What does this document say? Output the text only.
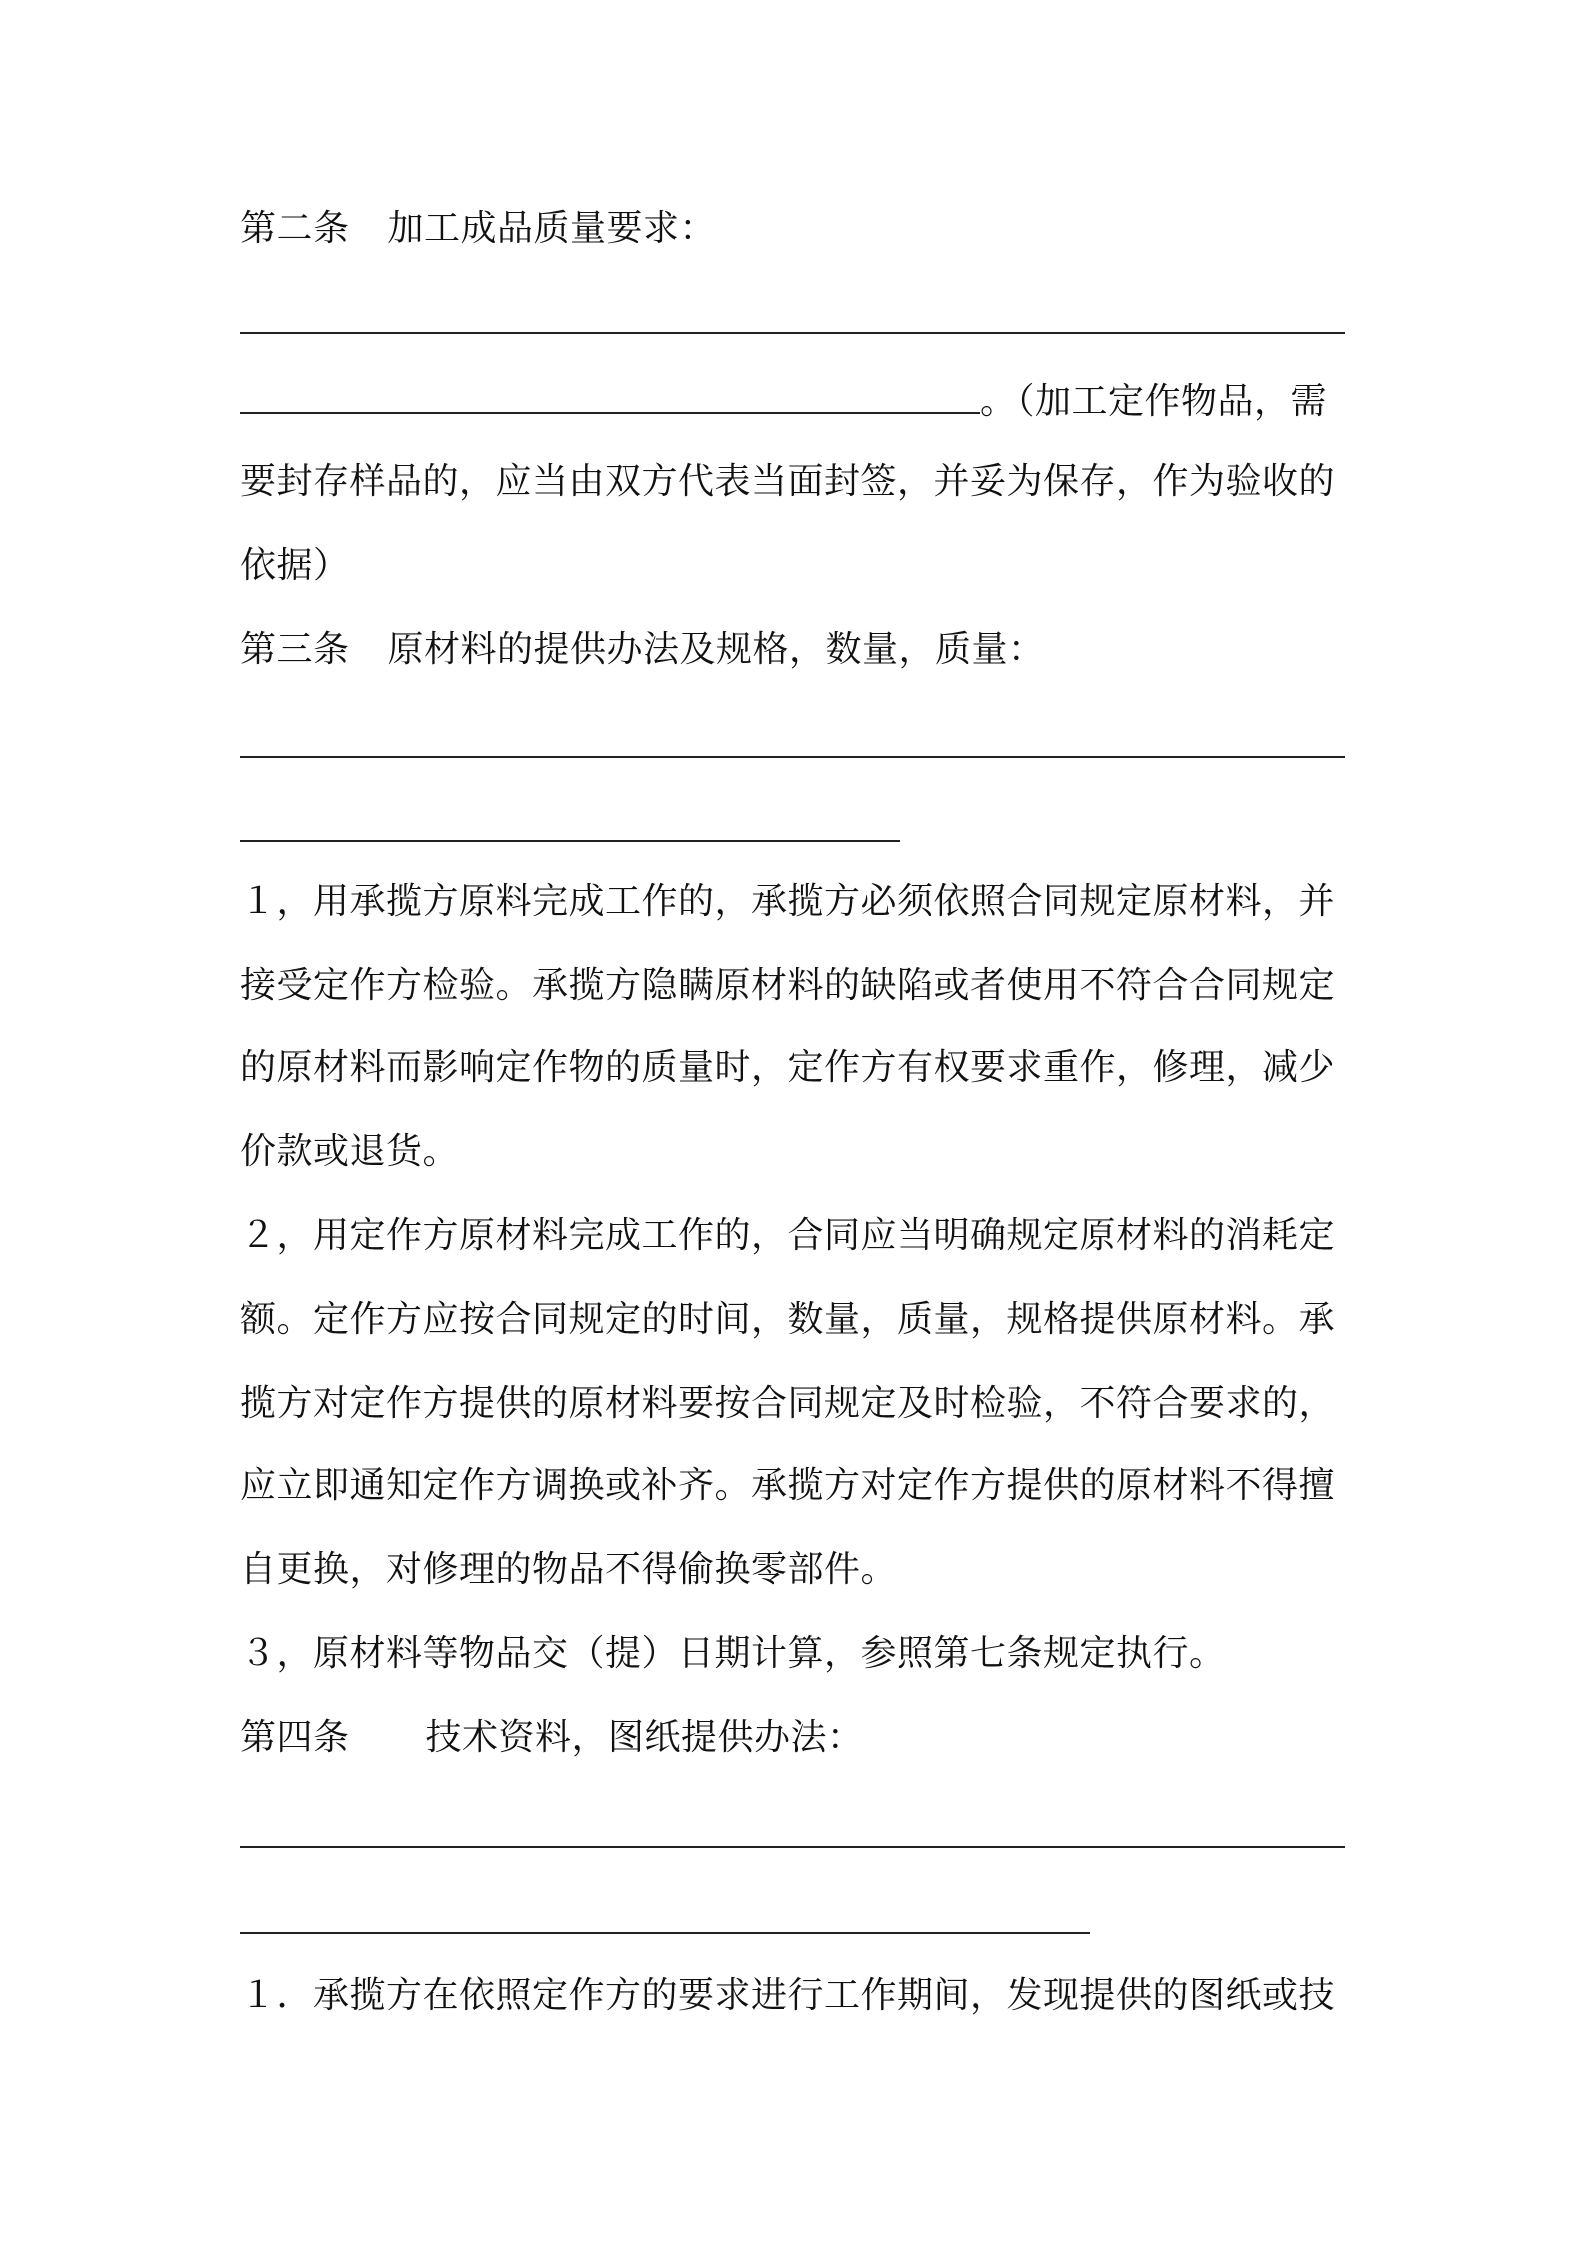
第二条 加工成品质量要求：
。（加工定作物品，需
要封存样品的，应当由双方代表当面封签，并妥为保存，作为验收的
依据）
第三条 原材料的提供办法及规格，数量，质量：
１，用承揽方原料完成工作的，承揽方必须依照合同规定原材料，并
接受定作方检验。承揽方隐瞒原材料的缺陷或者使用不符合合同规定
的原材料而影响定作物的质量时，定作方有权要求重作，修理，减少
价款或退货。
２，用定作方原材料完成工作的，合同应当明确规定原材料的消耗定
额。定作方应按合同规定的时间，数量，质量，规格提供原材料。承
揽方对定作方提供的原材料要按合同规定及时检验，不符合要求的，
应立即通知定作方调换或补齐。承揽方对定作方提供的原材料不得擅
自更换，对修理的物品不得偷换零部件。
３，原材料等物品交（提）日期计算，参照第七条规定执行。
第四条 技术资料，图纸提供办法：
１．承揽方在依照定作方的要求进行工作期间，发现提供的图纸或技
